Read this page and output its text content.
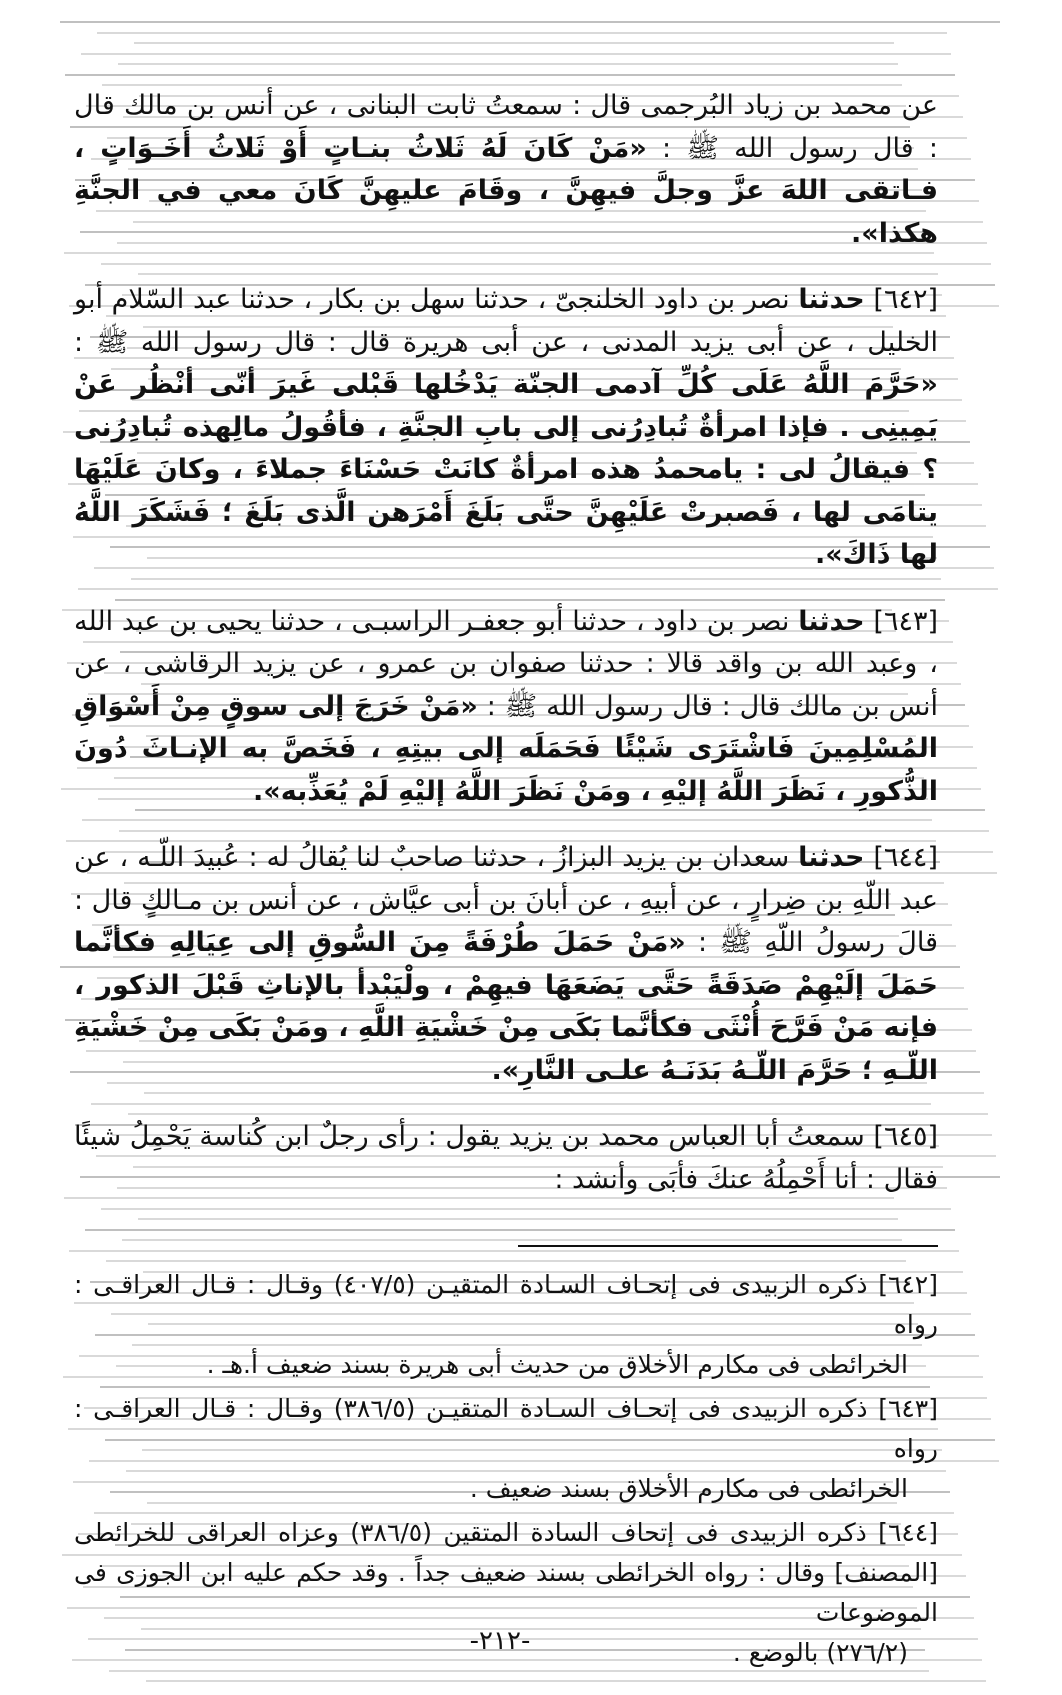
عن محمد بن زياد البُرجمى قال : سمعتُ ثابت البنانى ، عن أنس بن مالك قال : قال رسول الله ﷺ : «مَنْ كَانَ لَهُ ثَلاثُ بنـاتٍ أَوْ ثَلاثُ أَخَـوَاتٍ ، فـاتقى اللهَ عزَّ وجلَّ فيهِنَّ ، وقَامَ عليهِنَّ كَانَ معي في الجنَّةِ هكذا».

[٦٤٢] حدثنا نصر بن داود الخلنجىّ ، حدثنا سهل بن بكار ، حدثنا عبد السّلام أبو الخليل ، عن أبى يزيد المدنى ، عن أبى هريرة قال : قال رسول الله ﷺ : «حَرَّمَ اللَّهُ عَلَى كُلِّ آدمى الجنّة يَدْخُلها قَبْلى غَيرَ أنّى أنْظُر عَنْ يَمِينِى . فإذا امرأةٌ تُبادِرُنى إلى بابِ الجنَّةِ ، فأقُولُ مالِهذه تُبادِرُنى ؟ فيقالُ لى : يامحمدُ هذه امرأةٌ كانَتْ حَسْنَاءَ جملاءَ ، وكانَ عَلَيْهَا يتامَى لها ، فَصبرتْ عَلَيْهِنَّ حتَّى بَلَغَ أَمْرَهن الَّذى بَلَغَ ؛ فَشَكَرَ اللَّهُ لها ذَاكَ».

[٦٤٣] حدثنا نصر بن داود ، حدثنا أبو جعفـر الراسبـى ، حدثنا يحيى بن عبد الله ، وعبد الله بن واقد قالا : حدثنا صفوان بن عمرو ، عن يزيد الرقاشى ، عن أنس بن مالك قال : قال رسول الله ﷺ : «مَنْ خَرَجَ إلى سوقٍ مِنْ أَسْوَاقِ المُسْلِمِينَ فَاشْتَرَى شَيْئًا فَحَمَلَه إلى بيتِهِ ، فَخَصَّ به الإنـاثَ دُونَ الذُّكورِ ، نَظَرَ اللَّهُ إليْهِ ، ومَنْ نَظَرَ اللَّهُ إليْهِ لَمْ يُعَذِّبه».

[٦٤٤] حدثنا سعدان بن يزيد البزازُ ، حدثنا صاحبٌ لنا يُقالُ له : عُبيدَ اللّـه ، عن عبد اللّهِ بن ضِرارٍ ، عن أبيهِ ، عن أبانَ بن أبى عيَّاش ، عن أنس بن مـالكٍ قال : قالَ رسولُ اللّهِ ﷺ : «مَنْ حَمَلَ طُرْفَةً مِنَ السُّوقِ إلى عِيَالِهِ فكأنَّما حَمَلَ إلَيْهِمْ صَدَقَةً حَتَّى يَضَعَهَا فيهِمْ ، ولْيَبْدأ بالإناثِ قَبْلَ الذكور ، فإنه مَنْ فَرَّحَ أُنْثَى فكأنَّما بَكَى مِنْ خَشْيَةِ اللَّهِ ، ومَنْ بَكَى مِنْ خَشْيَةِ اللّـهِ ؛ حَرَّمَ اللّـهُ بَدَنَـهُ علـى النَّارِ».

[٦٤٥] سمعتُ أبا العباس محمد بن يزيد يقول : رأى رجلٌ ابن كُناسة يَحْمِلُ شيئًا فقال : أنا أَحْمِلُهُ عنكَ فأبَى وأنشد :

[٦٤٢] ذكره الزبيدى فى إتحـاف السـادة المتقيـن (٤٠٧/٥) وقـال : قـال العراقـى : رواه
الخرائطى فى مكارم الأخلاق من حديث أبى هريرة بسند ضعيف أ.هـ .

[٦٤٣] ذكره الزبيدى فى إتحـاف السـادة المتقيـن (٣٨٦/٥) وقـال : قـال العراقـى : رواه
الخرائطى فى مكارم الأخلاق بسند ضعيف .

[٦٤٤] ذكره الزبيدى فى إتحاف السادة المتقين (٣٨٦/٥) وعزاه العراقى للخرائطى [المصنف] وقال : رواه الخرائطى بسند ضعيف جداً . وقد حكم عليه ابن الجوزى فى الموضوعات
(٢٧٦/٢) بالوضع .

-٢١٢-
